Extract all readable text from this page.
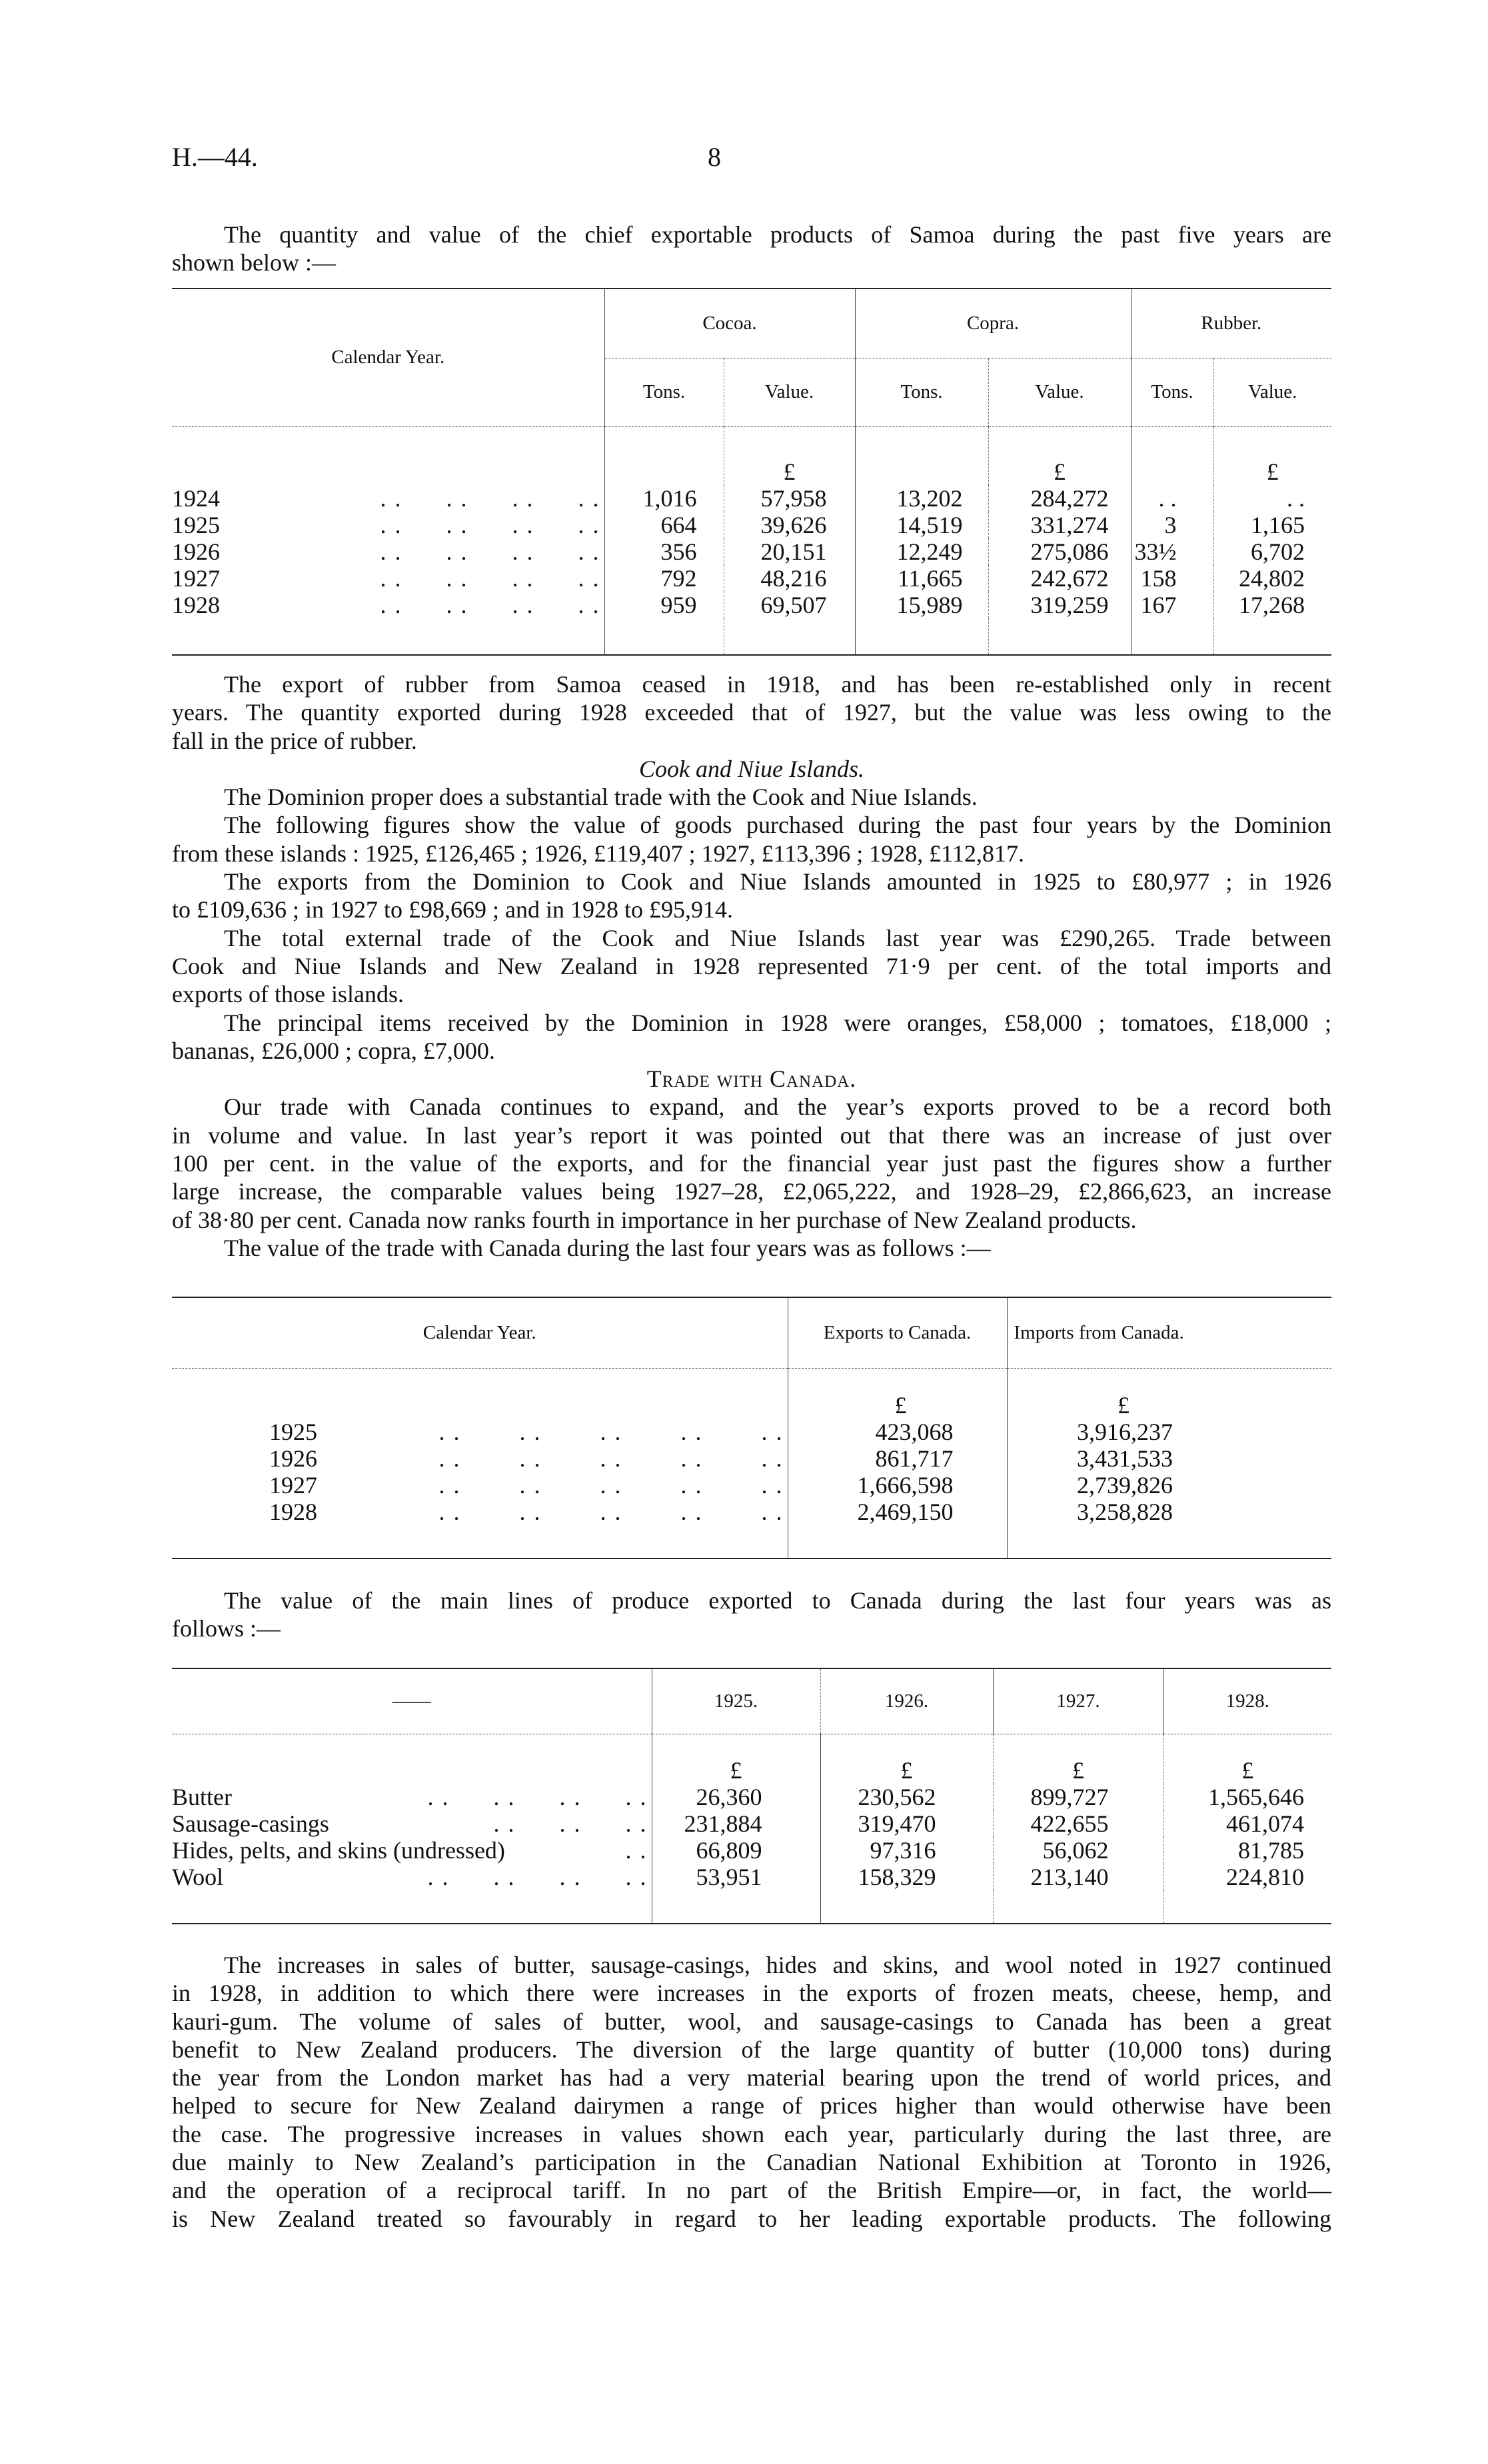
H.—44.	8
The quantity and value of the chief exportable products of Samoa during the past five years are
shown below :—
Calendar Year.	Cocoa.		Copra.		Rubber.	
	Tons.	Value.	Tons.	Value.	Tons.	Value.
		£		£		£

1924 . .      . .      . .      . .	1,016	57,958	13,202	284,272	. .	. .

1925 . .      . .      . .      . .	664	39,626	14,519	331,274	3	1,165

1926 . .      . .      . .      . .	356	20,151	12,249	275,086	33½	6,702

1927 . .      . .      . .      . .	792	48,216	11,665	242,672	158	24,802

1928 . .      . .      . .      . .	959	69,507	15,989	319,259	167	17,268

The export of rubber from Samoa ceased in 1918, and has been re-established only in recent
years. The quantity exported during 1928 exceeded that of 1927, but the value was less owing to the
fall in the price of rubber.
Cook and Niue Islands.
The Dominion proper does a substantial trade with the Cook and Niue Islands.
The following figures show the value of goods purchased during the past four years by the Dominion
from these islands : 1925, £126,465 ; 1926, £119,407 ; 1927, £113,396 ; 1928, £112,817.
The exports from the Dominion to Cook and Niue Islands amounted in 1925 to £80,977 ; in 1926
to £109,636 ; in 1927 to £98,669 ; and in 1928 to £95,914.
The total external trade of the Cook and Niue Islands last year was £290,265. Trade between
Cook and Niue Islands and New Zealand in 1928 represented 71·9 per cent. of the total imports and
exports of those islands.
The principal items received by the Dominion in 1928 were oranges, £58,000 ; tomatoes, £18,000 ;
bananas, £26,000 ; copra, £7,000.
Trade with Canada.
Our trade with Canada continues to expand, and the year’s exports proved to be a record both
in volume and value. In last year’s report it was pointed out that there was an increase of just over
100 per cent. in the value of the exports, and for the financial year just past the figures show a further
large increase, the comparable values being 1927–28, £2,065,222, and 1928–29, £2,866,623, an increase
of 38·80 per cent. Canada now ranks fourth in importance in her purchase of New Zealand products.
The value of the trade with Canada during the last four years was as follows :—
Calendar Year.	Exports to Canada.	Imports from Canada.
	£	£

1925 . .        . .        . .        . .        . .	423,068	3,916,237

1926 . .        . .        . .        . .        . .	861,717	3,431,533

1927 . .        . .        . .        . .        . .	1,666,598	2,739,826

1928 . .        . .        . .        . .        . .	2,469,150	3,258,828

The value of the main lines of produce exported to Canada during the last four years was as
follows :—
——	1925.	1926.	1927.	1928.
	£	£	£	£

Butter . .      . .      . .      . .	26,360	230,562	899,727	1,565,646

Sausage-casings . .      . .      . .	231,884	319,470	422,655	461,074

Hides, pelts, and skins (undressed) . .	66,809	97,316	56,062	81,785

Wool . .      . .      . .      . .	53,951	158,329	213,140	224,810

The increases in sales of butter, sausage-casings, hides and skins, and wool noted in 1927 continued
in 1928, in addition to which there were increases in the exports of frozen meats, cheese, hemp, and
kauri-gum. The volume of sales of butter, wool, and sausage-casings to Canada has been a great
benefit to New Zealand producers. The diversion of the large quantity of butter (10,000 tons) during
the year from the London market has had a very material bearing upon the trend of world prices, and
helped to secure for New Zealand dairymen a range of prices higher than would otherwise have been
the case. The progressive increases in values shown each year, particularly during the last three, are
due mainly to New Zealand’s participation in the Canadian National Exhibition at Toronto in 1926,
and the operation of a reciprocal tariff. In no part of the British Empire—or, in fact, the world—
is New Zealand treated so favourably in regard to her leading exportable products. The following
